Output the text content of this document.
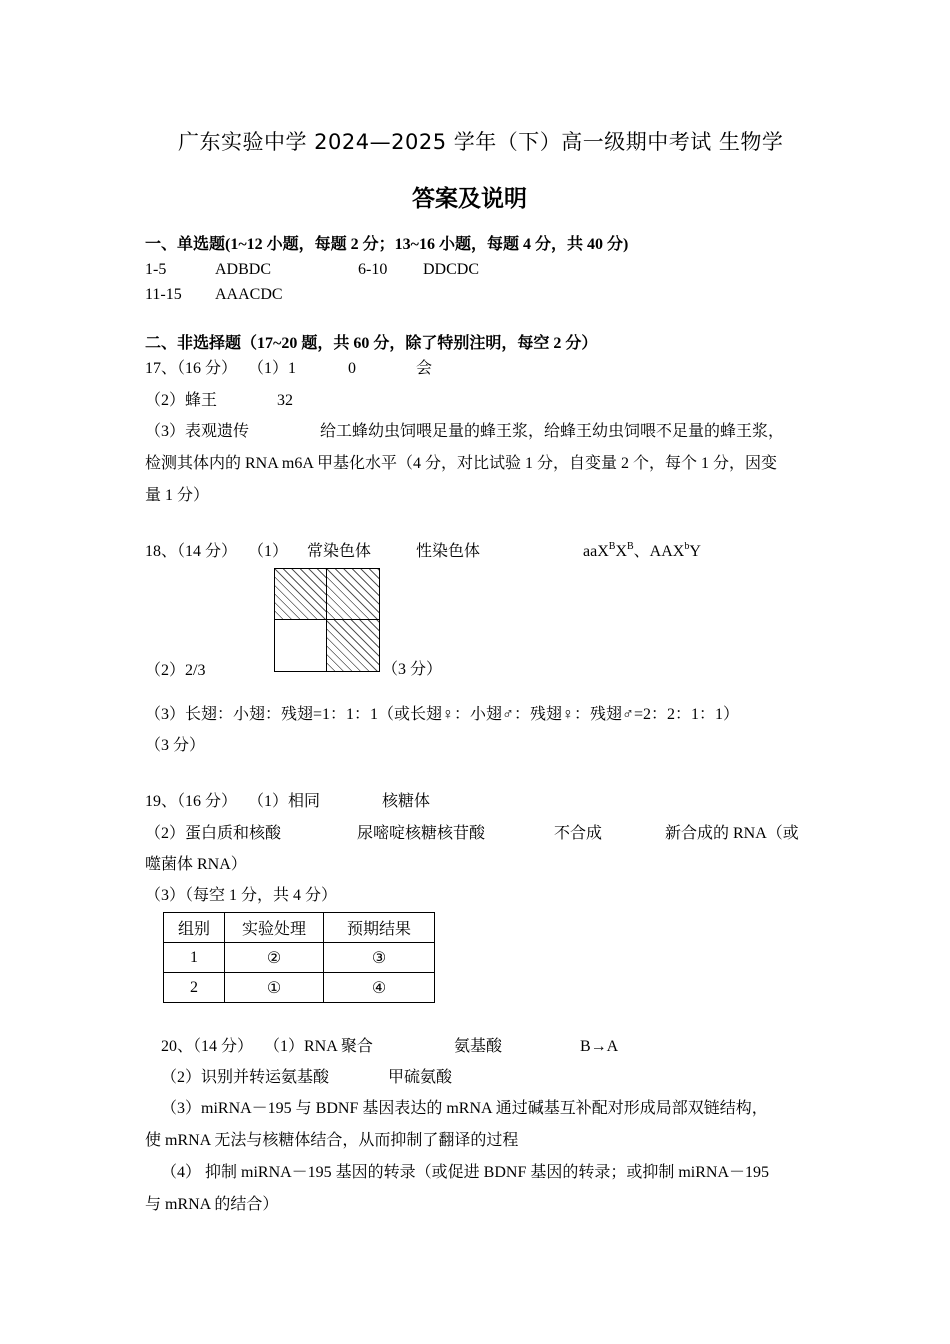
广东实验中学 2024—2025 学年（下）高一级期中考试 生物学
答案及说明
一、单选题(1~12 小题，每题 2 分；13~16 小题，每题 4 分，共 40 分)
1-5	ADBDC	6-10 DDCDC
11-15 AAACDC
二、非选择题（17~20 题，共 60 分，除了特别注明，每空 2 分）
17、（16 分） （1）1	0	会
（2）蜂王	32
（3）表观遗传	给工蜂幼虫饲喂足量的蜂王浆，给蜂王幼虫饲喂不足量的蜂王浆，
检测其体内的 RNA m6A 甲基化水平（4 分，对比试验 1 分，自变量 2 个，每个 1 分，因变
量 1 分）
18、（14 分） （1） 常染色体	性染色体	$aaX^BX^B$、AAX$^b$Y
（2）2/3	（3 分）
（3）长翅：小翅：残翅=1：1：1（或长翅♀：小翅♂：残翅♀：残翅♂=2：2：1：1）
（3 分）
19、（16 分） （1）相同	核糖体
（2）蛋白质和核酸	尿嘧啶核糖核苷酸	不合成	新合成的 RNA（或
噬菌体 RNA）
（3）（每空 1 分，共 4 分）
组别	实验处理	预期结果
1	②	③
2	①	④
20、（14 分） （1）RNA 聚合	氨基酸	B→A
（2）识别并转运氨基酸	甲硫氨酸
（3）miRNA－195 与 BDNF 基因表达的 mRNA 通过碱基互补配对形成局部双链结构，
使 mRNA 无法与核糖体结合，从而抑制了翻译的过程
（4） 抑制 miRNA－195 基因的转录（或促进 BDNF 基因的转录；或抑制 miRNA－195
与 mRNA 的结合）
